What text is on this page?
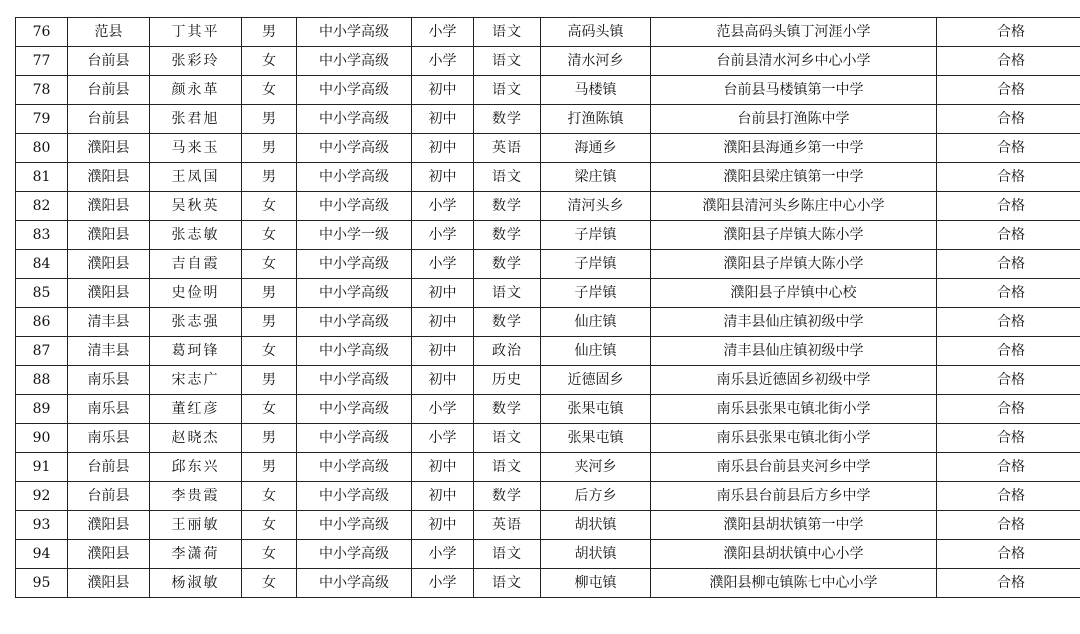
76	范县	丁其平	男	中小学高级	小学	语文	高码头镇	范县高码头镇丁河涯小学	合格
77	台前县	张彩玲	女	中小学高级	小学	语文	清水河乡	台前县清水河乡中心小学	合格
78	台前县	颜永革	女	中小学高级	初中	语文	马楼镇	台前县马楼镇第一中学	合格
79	台前县	张君旭	男	中小学高级	初中	数学	打渔陈镇	台前县打渔陈中学	合格
80	濮阳县	马来玉	男	中小学高级	初中	英语	海通乡	濮阳县海通乡第一中学	合格
81	濮阳县	王凤国	男	中小学高级	初中	语文	梁庄镇	濮阳县梁庄镇第一中学	合格
82	濮阳县	吴秋英	女	中小学高级	小学	数学	清河头乡	濮阳县清河头乡陈庄中心小学	合格
83	濮阳县	张志敏	女	中小学一级	小学	数学	子岸镇	濮阳县子岸镇大陈小学	合格
84	濮阳县	吉自霞	女	中小学高级	小学	数学	子岸镇	濮阳县子岸镇大陈小学	合格
85	濮阳县	史俭明	男	中小学高级	初中	语文	子岸镇	濮阳县子岸镇中心校	合格
86	清丰县	张志强	男	中小学高级	初中	数学	仙庄镇	清丰县仙庄镇初级中学	合格
87	清丰县	葛珂锋	女	中小学高级	初中	政治	仙庄镇	清丰县仙庄镇初级中学	合格
88	南乐县	宋志广	男	中小学高级	初中	历史	近德固乡	南乐县近德固乡初级中学	合格
89	南乐县	董红彦	女	中小学高级	小学	数学	张果屯镇	南乐县张果屯镇北街小学	合格
90	南乐县	赵晓杰	男	中小学高级	小学	语文	张果屯镇	南乐县张果屯镇北街小学	合格
91	台前县	邱东兴	男	中小学高级	初中	语文	夹河乡	南乐县台前县夹河乡中学	合格
92	台前县	李贵霞	女	中小学高级	初中	数学	后方乡	南乐县台前县后方乡中学	合格
93	濮阳县	王丽敏	女	中小学高级	初中	英语	胡状镇	濮阳县胡状镇第一中学	合格
94	濮阳县	李潇荷	女	中小学高级	小学	语文	胡状镇	濮阳县胡状镇中心小学	合格
95	濮阳县	杨淑敏	女	中小学高级	小学	语文	柳屯镇	濮阳县柳屯镇陈七中心小学	合格
